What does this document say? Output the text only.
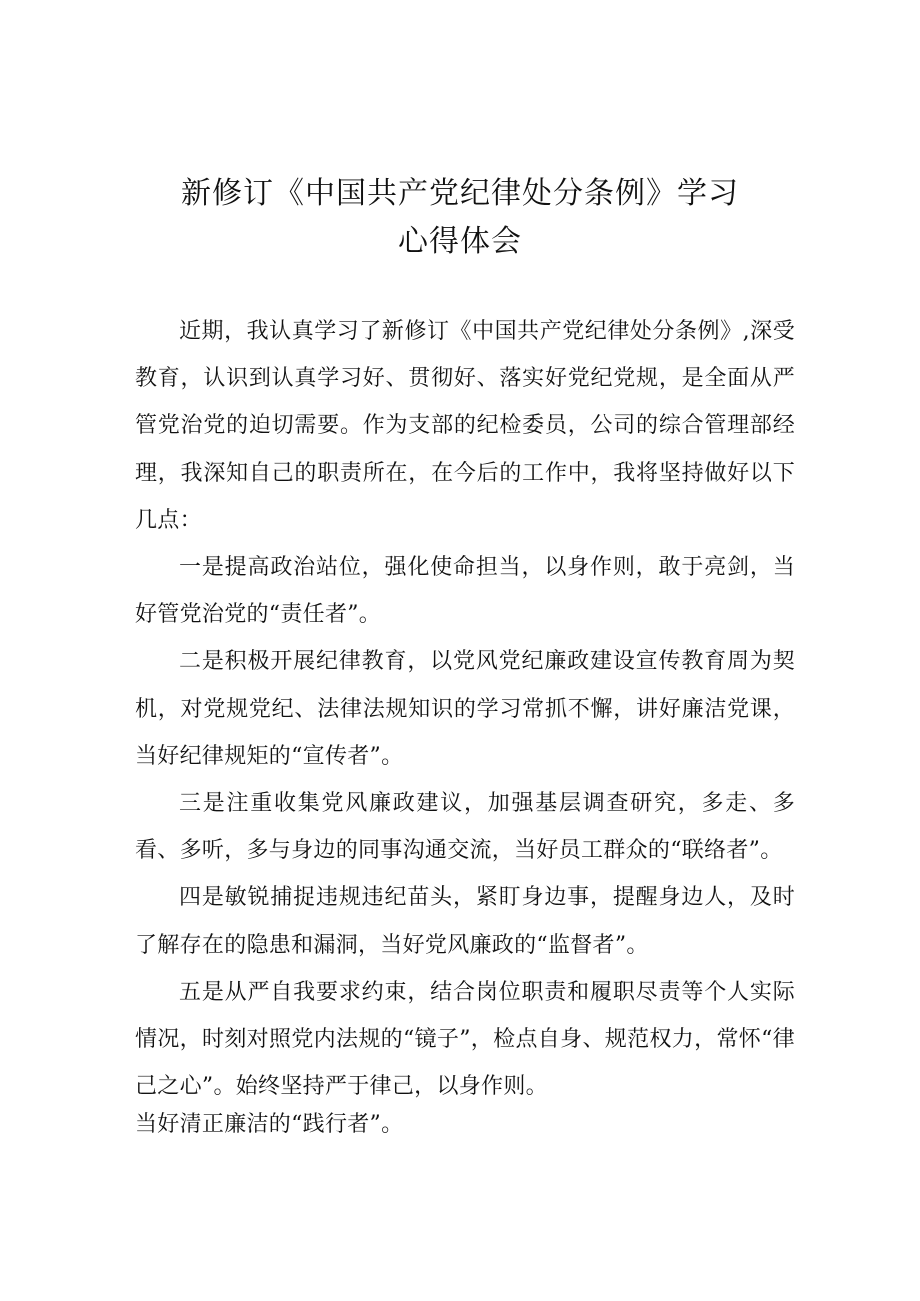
新修订《中国共产党纪律处分条例》学习
心得体会

近期，我认真学习了新修订《中国共产党纪律处分条例》,深受教育，认识到认真学习好、贯彻好、落实好党纪党规，是全面从严管党治党的迫切需要。作为支部的纪检委员，公司的综合管理部经理，我深知自己的职责所在，在今后的工作中，我将坚持做好以下几点：

一是提高政治站位，强化使命担当，以身作则，敢于亮剑，当好管党治党的“责任者”。

二是积极开展纪律教育，以党风党纪廉政建设宣传教育周为契机，对党规党纪、法律法规知识的学习常抓不懈，讲好廉洁党课，当好纪律规矩的“宣传者”。

三是注重收集党风廉政建议，加强基层调查研究，多走、多看、多听，多与身边的同事沟通交流，当好员工群众的“联络者”。

四是敏锐捕捉违规违纪苗头，紧盯身边事，提醒身边人，及时了解存在的隐患和漏洞，当好党风廉政的“监督者”。

五是从严自我要求约束，结合岗位职责和履职尽责等个人实际情况，时刻对照党内法规的“镜子”，检点自身、规范权力，常怀“律己之心”。始终坚持严于律己，以身作则。

当好清正廉洁的“践行者”。
